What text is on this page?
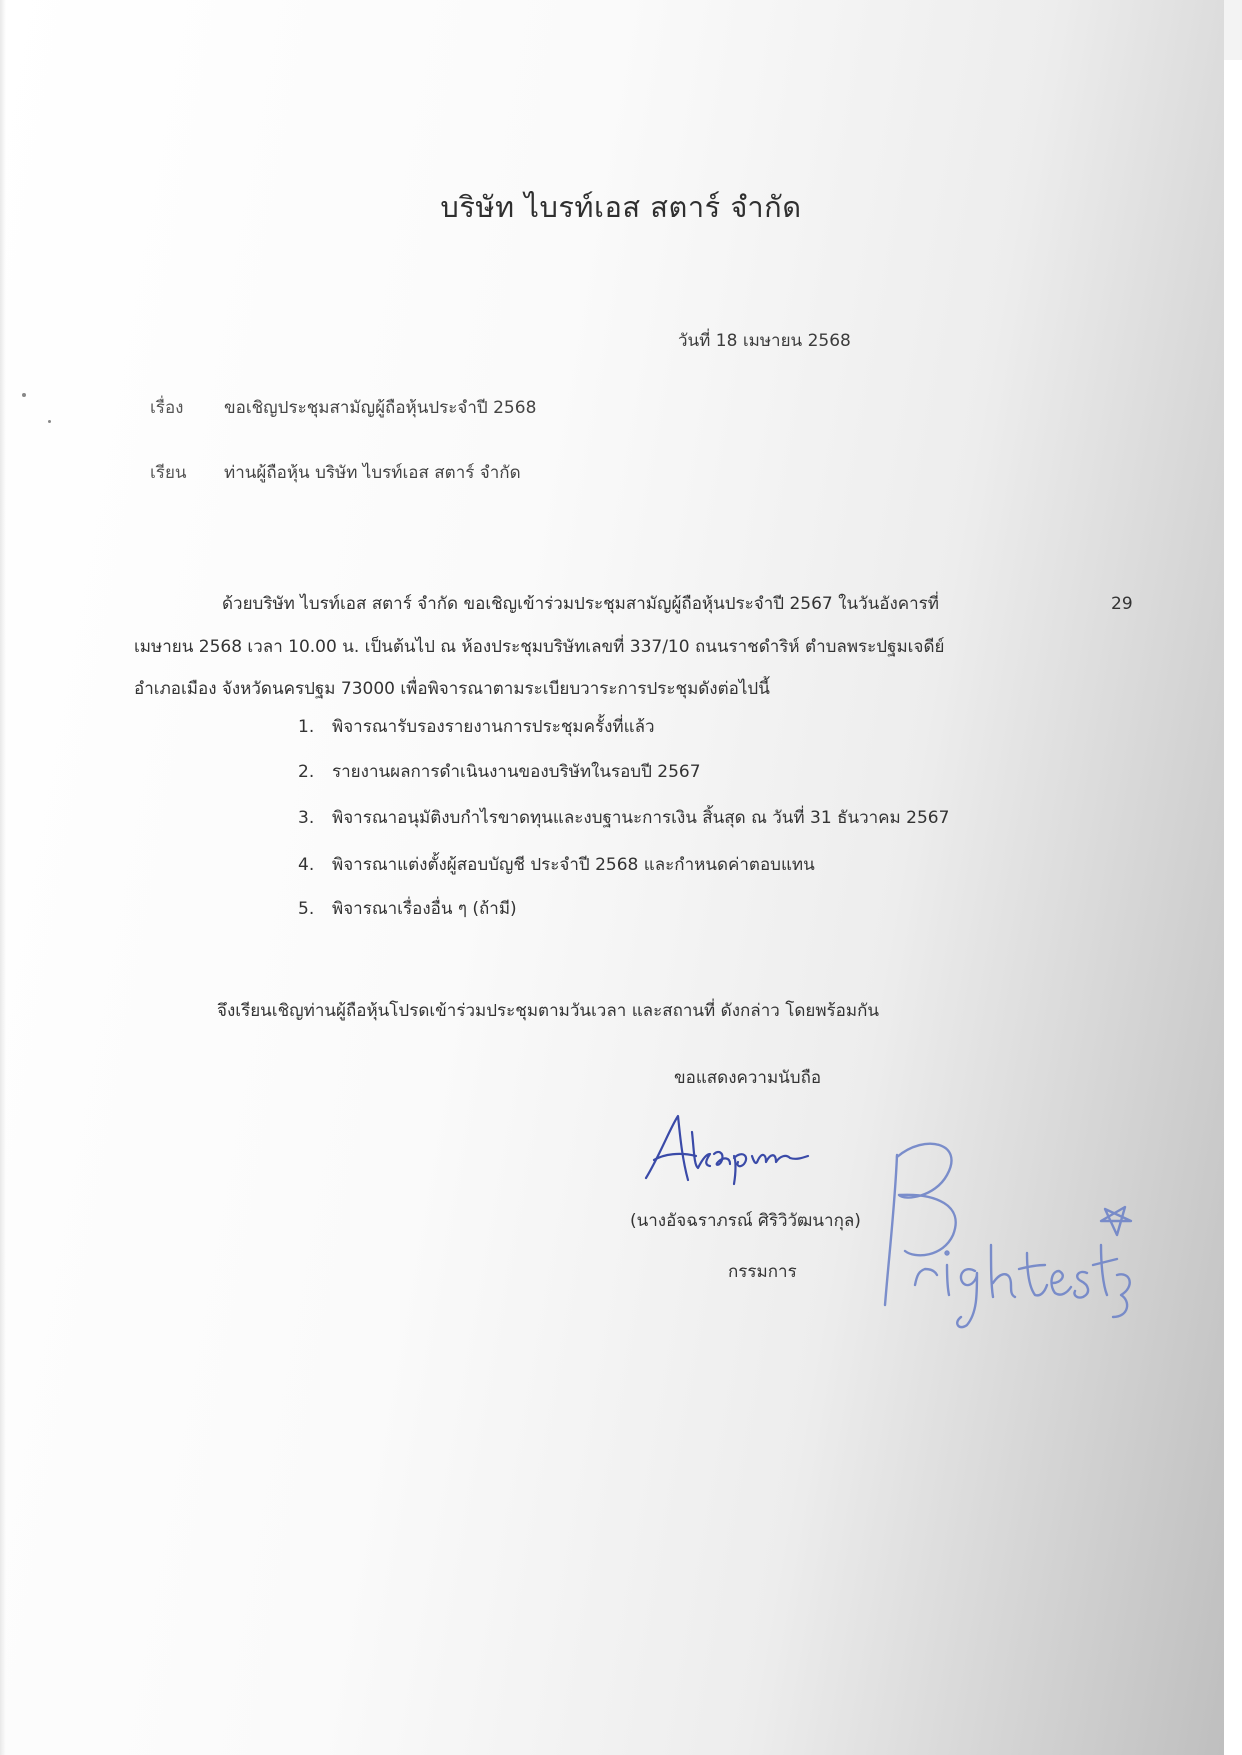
บริษัท ไบรท์เอส สตาร์ จำกัด
วันที่ 18 เมษายน 2568
เรื่อง ขอเชิญประชุมสามัญผู้ถือหุ้นประจำปี 2568
เรียน ท่านผู้ถือหุ้น บริษัท ไบรท์เอส สตาร์ จำกัด
ด้วยบริษัท ไบรท์เอส สตาร์ จำกัด ขอเชิญเข้าร่วมประชุมสามัญผู้ถือหุ้นประจำปี 2567 ในวันอังคารที่	29
เมษายน 2568 เวลา 10.00 น. เป็นต้นไป ณ ห้องประชุมบริษัทเลขที่ 337/10 ถนนราชดำริห์ ตำบลพระปฐมเจดีย์
อำเภอเมือง จังหวัดนครปฐม 73000 เพื่อพิจารณาตามระเบียบวาระการประชุมดังต่อไปนี้
1. พิจารณารับรองรายงานการประชุมครั้งที่แล้ว
2. รายงานผลการดำเนินงานของบริษัทในรอบปี 2567
3. พิจารณาอนุมัติงบกำไรขาดทุนและงบฐานะการเงิน สิ้นสุด ณ วันที่ 31 ธันวาคม 2567
4. พิจารณาแต่งตั้งผู้สอบบัญชี ประจำปี 2568 และกำหนดค่าตอบแทน
5. พิจารณาเรื่องอื่น ๆ (ถ้ามี)
จึงเรียนเชิญท่านผู้ถือหุ้นโปรดเข้าร่วมประชุมตามวันเวลา และสถานที่ ดังกล่าว โดยพร้อมกัน
ขอแสดงความนับถือ
(นางอัจฉราภรณ์ ศิริวิวัฒนากุล)
กรรมการ
